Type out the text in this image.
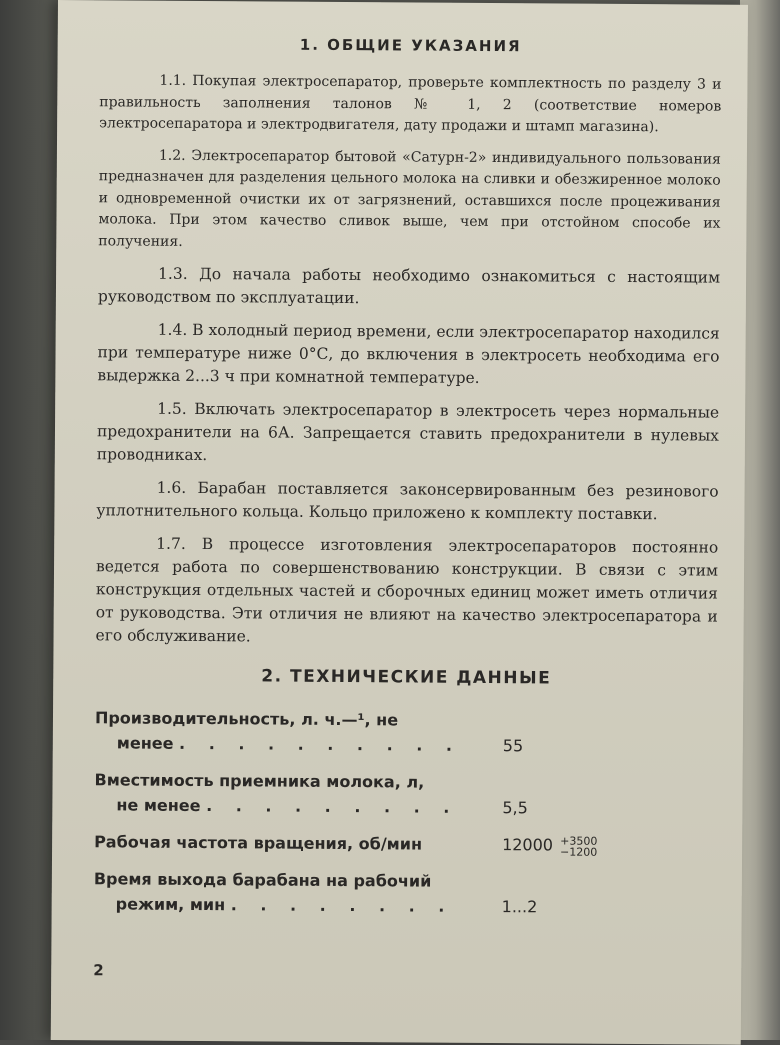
1. ОБЩИЕ УКАЗАНИЯ

1.1. Покупая электросепаратор, проверьте комплектность по разделу 3 и правильность заполнения талонов № 1, 2 (соответствие номеров электросепаратора и электродвигателя, дату продажи и штамп магазина).

1.2. Электросепаратор бытовой «Сатурн-2» индивидуального пользования предназначен для разделения цельного молока на сливки и обезжиренное молоко и одновременной очистки их от загрязнений, оставшихся после процеживания молока. При этом качество сливок выше, чем при отстойном способе их получения.

1.3. До начала работы необходимо ознакомиться с настоящим руководством по эксплуатации.

1.4. В холодный период времени, если электросепаратор находился при температуре ниже 0°С, до включения в электросеть необходима его выдержка 2...3 ч при комнатной температуре.

1.5. Включать электросепаратор в электросеть через нормальные предохранители на 6А. Запрещается ставить предохранители в нулевых проводниках.

1.6. Барабан поставляется законсервированным без резинового уплотнительного кольца. Кольцо приложено к комплекту поставки.

1.7. В процессе изготовления электросепараторов постоянно ведется работа по совершенствованию конструкции. В связи с этим конструкция отдельных частей и сборочных единиц может иметь отличия от руководства. Эти отличия не влияют на качество электросепаратора и его обслуживание.

2. ТЕХНИЧЕСКИЕ ДАННЫЕ
Производительность, л. ч.—¹, не
менее . . . . . . . . . .	55
Вместимость приемника молока, л,
не менее . . . . . . . . .	5,5
Рабочая частота вращения, об/мин	12000 +3500
−1200
Время выхода барабана на рабочий
режим, мин . . . . . . . .	1...2
2
